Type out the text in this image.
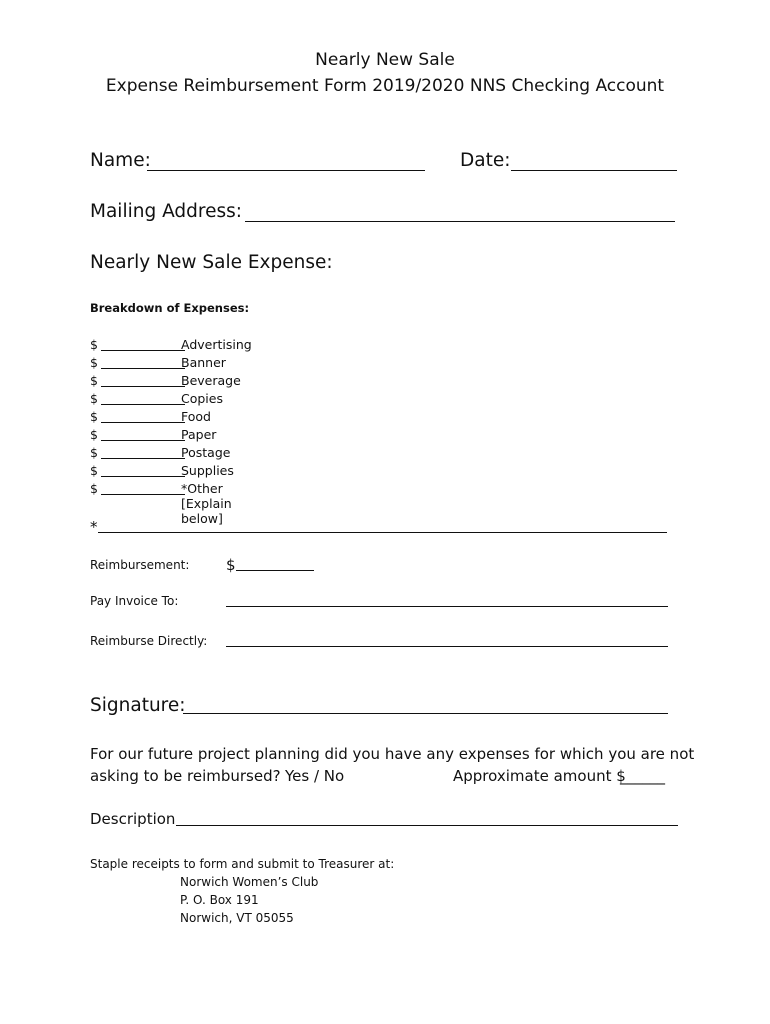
Nearly New Sale
Expense Reimbursement Form 2019/2020 NNS Checking Account
Name:	Date:
Mailing Address:
Nearly New Sale Expense:
Breakdown of Expenses:
$	Advertising
$	Banner
$	Beverage
$	Copies
$	Food
$	Paper
$	Postage
$	Supplies
$	*Other [Explain below]
*
Reimbursement: $
Pay Invoice To:
Reimburse Directly:
Signature:
For our future project planning did you have any expenses for which you are not
asking to be reimbursed? Yes / No	Approximate amount $
______
Description
Staple receipts to form and submit to Treasurer at:
Norwich Women’s Club
P. O. Box 191
Norwich, VT 05055
